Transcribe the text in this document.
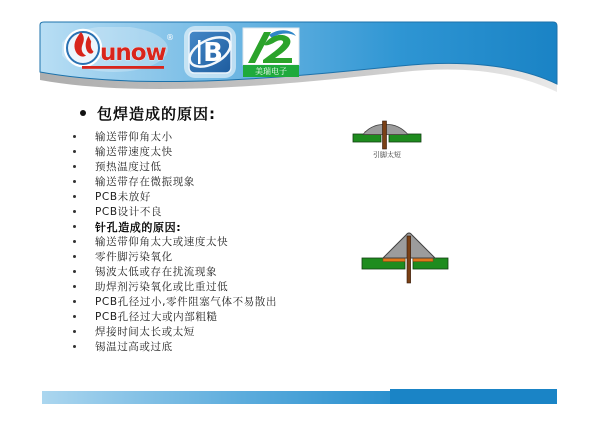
unow
®
B
美瑞电子
包焊造成的原因:
输送带仰角太小
输送带速度太快
预热温度过低
输送带存在微振现象
PCB未放好
PCB设计不良
针孔造成的原因:
输送带仰角太大或速度太快
零件脚污染氧化
锡波太低或存在扰流现象
助焊剂污染氧化或比重过低
PCB孔径过小,零件阻塞气体不易散出
PCB孔径过大或内部粗糙
焊接时间太长或太短
锡温过高或过底
引脚太短
